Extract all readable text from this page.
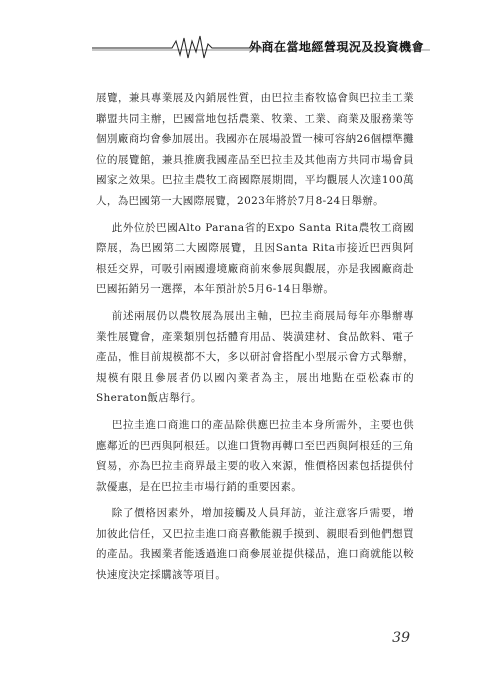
外商在當地經營現況及投資機會

展覽，兼具專業展及內銷展性質，由巴拉圭畜牧協會與巴拉圭工業聯盟共同主辦，巴國當地包括農業、牧業、工業、商業及服務業等個別廠商均會參加展出。我國亦在展場設置一棟可容納26個標準攤位的展覽館，兼具推廣我國產品至巴拉圭及其他南方共同市場會員國家之效果。巴拉圭農牧工商國際展期間，平均觀展人次達100萬人，為巴國第一大國際展覽，2023年將於7月8-24日舉辦。

此外位於巴國Alto Parana省的Expo Santa Rita農牧工商國際展，為巴國第二大國際展覽，且因Santa Rita市接近巴西與阿根廷交界，可吸引兩國邊境廠商前來參展與觀展，亦是我國廠商赴巴國拓銷另一選擇，本年預計於5月6-14日舉辦。

前述兩展仍以農牧展為展出主軸，巴拉圭商展局每年亦舉辦專業性展覽會，產業類別包括體育用品、裝潢建材、食品飲料、電子產品，惟目前規模都不大，多以研討會搭配小型展示會方式舉辦，規模有限且參展者仍以國內業者為主，展出地點在亞松森市的Sheraton飯店舉行。

巴拉圭進口商進口的產品除供應巴拉圭本身所需外，主要也供應鄰近的巴西與阿根廷。以進口貨物再轉口至巴西與阿根廷的三角貿易，亦為巴拉圭商界最主要的收入來源，惟價格因素包括提供付款優惠，是在巴拉圭市場行銷的重要因素。

除了價格因素外，增加接觸及人員拜訪，並注意客戶需要，增加彼此信任，又巴拉圭進口商喜歡能親手摸到、親眼看到他們想買的產品。我國業者能透過進口商參展並提供樣品，進口商就能以較快速度決定採購該等項目。

39
